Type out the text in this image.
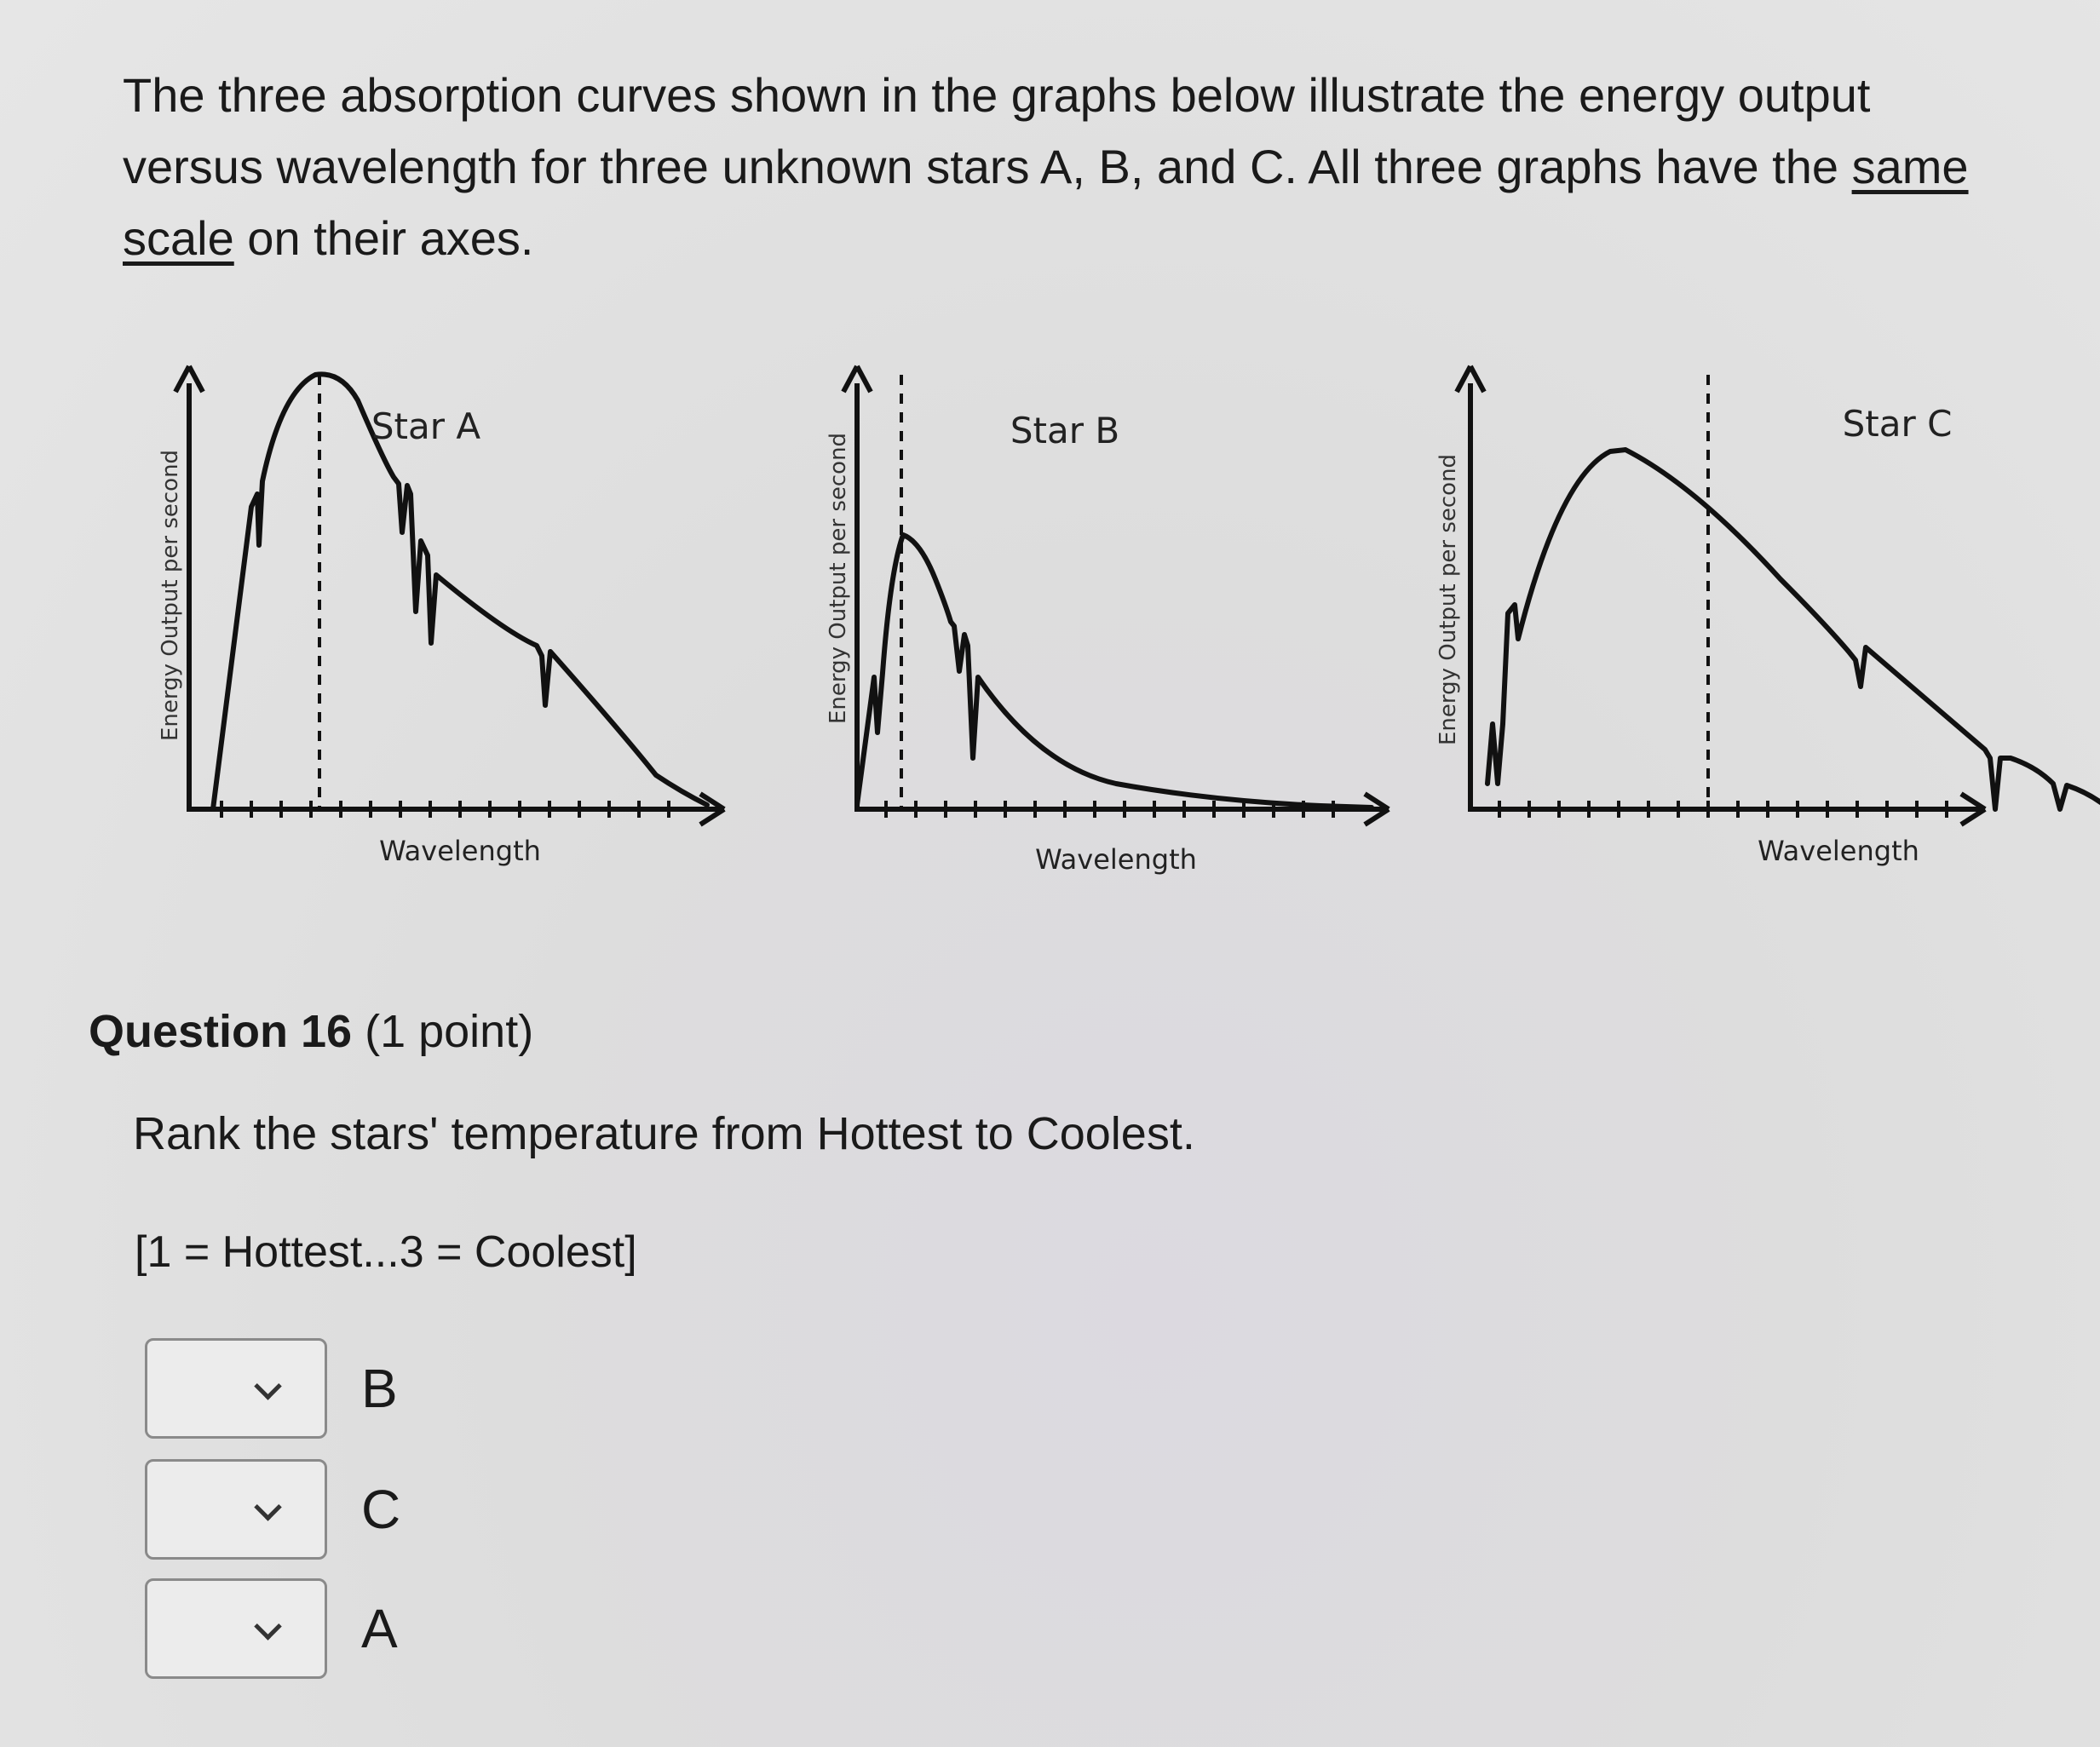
The three absorption curves shown in the graphs below illustrate the energy output versus wavelength for three unknown stars A, B, and C. All three graphs have the same scale on their axes.

Star A
Wavelength
Energy Output per second
Star B
Wavelength
Energy Output per second
Star C
Wavelength
Energy Output per second
Question 16 (1 point)

Rank the stars' temperature from Hottest to Coolest.

[1 = Hottest...3 = Coolest]

B
C
A
